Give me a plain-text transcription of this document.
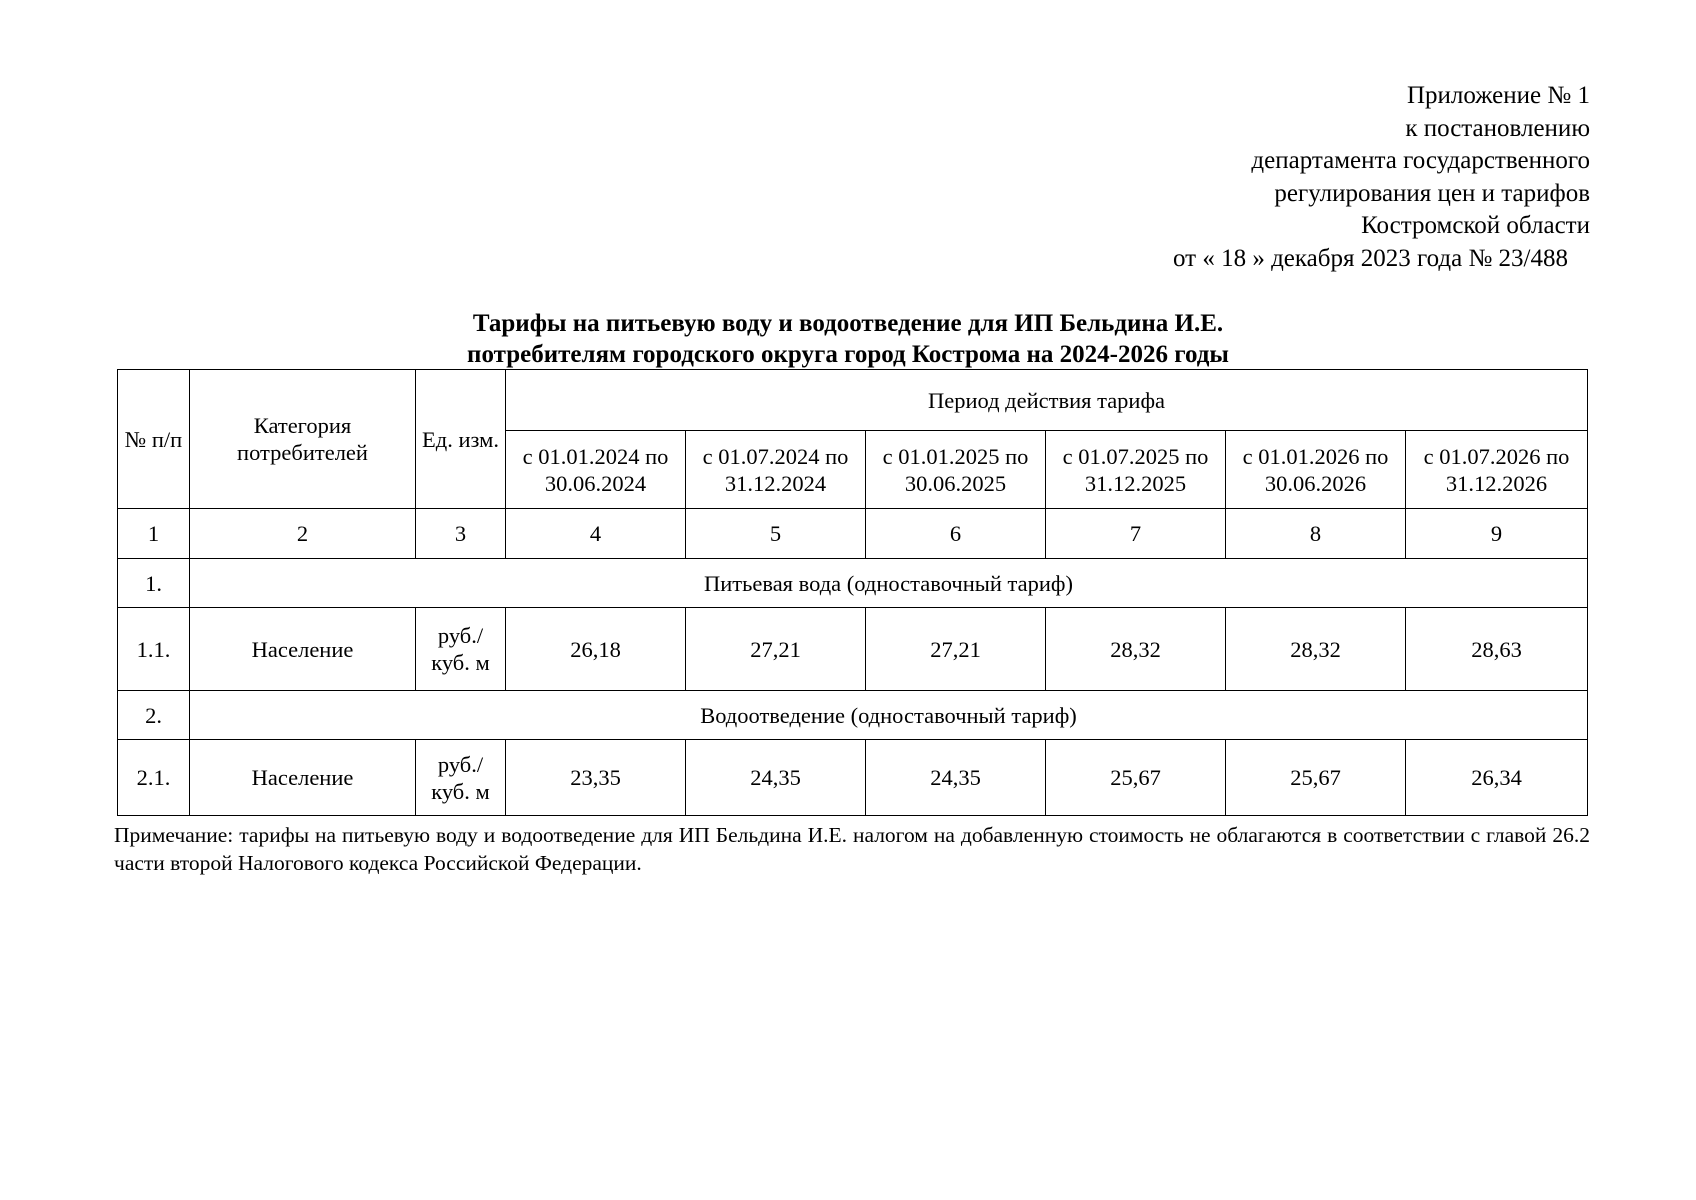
Приложение № 1
к постановлению
департамента государственного
регулирования цен и тарифов
Костромской области
от « 18 » декабря 2023 года № 23/488
Тарифы на питьевую воду и водоотведение для ИП Бельдина И.Е.
потребителям городского округа город Кострома на 2024-2026 годы
№ п/п	Категория потребителей	Ед. изм.	Период действия тарифа					
			с 01.01.2024 по 30.06.2024	с 01.07.2024 по 31.12.2024	с 01.01.2025 по 30.06.2025	с 01.07.2025 по 31.12.2025	с 01.01.2026 по 30.06.2026	с 01.07.2026 по 31.12.2026
1	2	3	4	5	6	7	8	9
1.	Питьевая вода (одноставочный тариф)							
1.1.	Население	руб./ куб. м	26,18	27,21	27,21	28,32	28,32	28,63
2.	Водоотведение (одноставочный тариф)							
2.1.	Население	руб./ куб. м	23,35	24,35	24,35	25,67	25,67	26,34
Примечание: тарифы на питьевую воду и водоотведение для ИП Бельдина И.Е. налогом на добавленную стоимость не облагаются в соответствии с главой 26.2 части второй Налогового кодекса Российской Федерации.
